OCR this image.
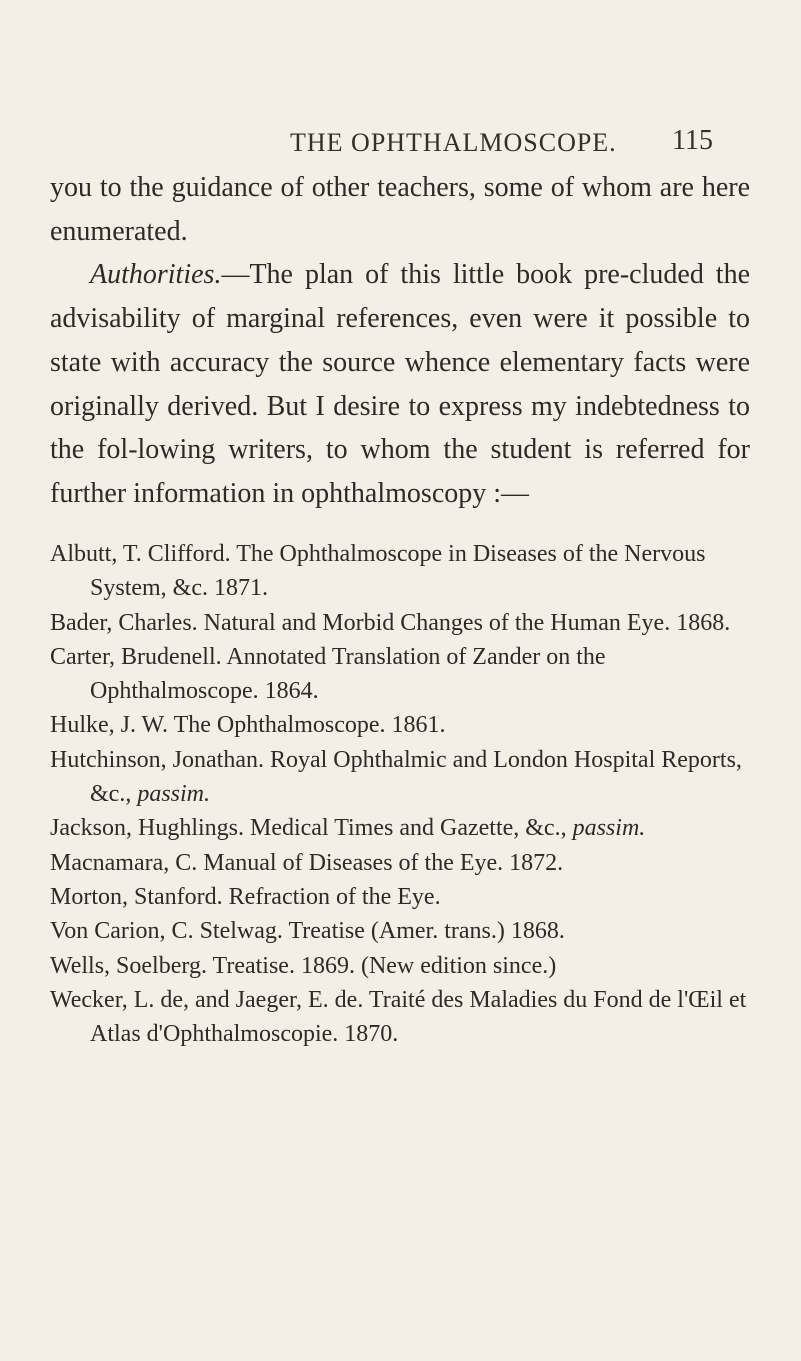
THE OPHTHALMOSCOPE. 115

you to the guidance of other teachers, some of whom are here enumerated.

Authorities.—The plan of this little book pre-cluded the advisability of marginal references, even were it possible to state with accuracy the source whence elementary facts were originally derived. But I desire to express my indebtedness to the fol-lowing writers, to whom the student is referred for further information in ophthalmoscopy :—

Albutt, T. Clifford. The Ophthalmoscope in Diseases of the Nervous System, &c. 1871.

Bader, Charles. Natural and Morbid Changes of the Human Eye. 1868.

Carter, Brudenell. Annotated Translation of Zander on the Ophthalmoscope. 1864.

Hulke, J. W. The Ophthalmoscope. 1861.

Hutchinson, Jonathan. Royal Ophthalmic and London Hospital Reports, &c., passim.

Jackson, Hughlings. Medical Times and Gazette, &c., passim.

Macnamara, C. Manual of Diseases of the Eye. 1872.

Morton, Stanford. Refraction of the Eye.

Von Carion, C. Stelwag. Treatise (Amer. trans.) 1868.

Wells, Soelberg. Treatise. 1869. (New edition since.)

Wecker, L. de, and Jaeger, E. de. Traité des Maladies du Fond de l'Œil et Atlas d'Ophthalmoscopie. 1870.
